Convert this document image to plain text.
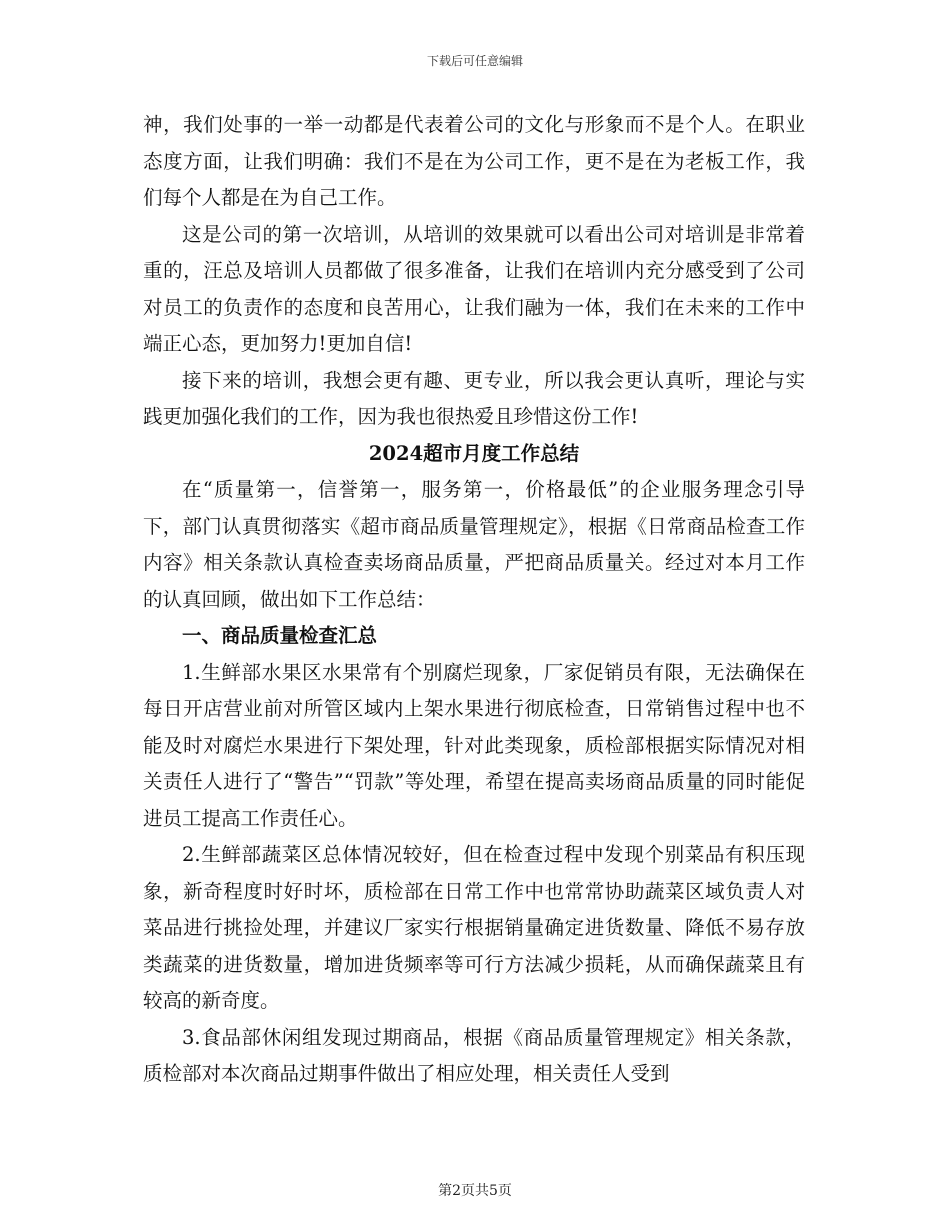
下载后可任意编辑

神，我们处事的一举一动都是代表着公司的文化与形象而不是个人。在职业态度方面，让我们明确：我们不是在为公司工作，更不是在为老板工作，我们每个人都是在为自己工作。

这是公司的第一次培训，从培训的效果就可以看出公司对培训是非常着重的，汪总及培训人员都做了很多准备，让我们在培训内充分感受到了公司对员工的负责作的态度和良苦用心，让我们融为一体，我们在未来的工作中端正心态，更加努力!更加自信!

接下来的培训，我想会更有趣、更专业，所以我会更认真听，理论与实践更加强化我们的工作，因为我也很热爱且珍惜这份工作!

2024超市月度工作总结

在“质量第一，信誉第一，服务第一，价格最低”的企业服务理念引导下，部门认真贯彻落实《超市商品质量管理规定》，根据《日常商品检查工作内容》相关条款认真检查卖场商品质量，严把商品质量关。经过对本月工作的认真回顾，做出如下工作总结：

一、商品质量检查汇总

1.生鲜部水果区水果常有个别腐烂现象，厂家促销员有限，无法确保在每日开店营业前对所管区域内上架水果进行彻底检查，日常销售过程中也不能及时对腐烂水果进行下架处理，针对此类现象，质检部根据实际情况对相关责任人进行了“警告”“罚款”等处理，希望在提高卖场商品质量的同时能促进员工提高工作责任心。

2.生鲜部蔬菜区总体情况较好，但在检查过程中发现个别菜品有积压现象，新奇程度时好时坏，质检部在日常工作中也常常协助蔬菜区域负责人对菜品进行挑捡处理，并建议厂家实行根据销量确定进货数量、降低不易存放类蔬菜的进货数量，增加进货频率等可行方法减少损耗，从而确保蔬菜且有较高的新奇度。

3.食品部休闲组发现过期商品，根据《商品质量管理规定》相关条款，质检部对本次商品过期事件做出了相应处理，相关责任人受到

第2页共5页
